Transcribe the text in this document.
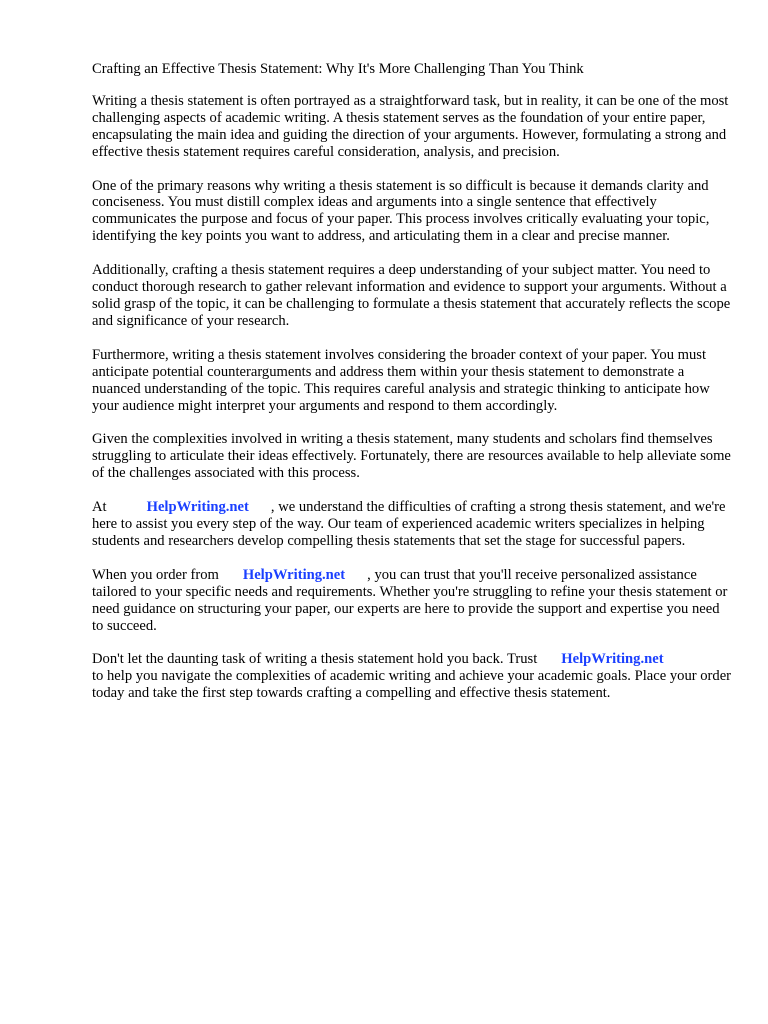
Crafting an Effective Thesis Statement: Why It's More Challenging Than You Think

Writing a thesis statement is often portrayed as a straightforward task, but in reality, it can be one of the most challenging aspects of academic writing. A thesis statement serves as the foundation of your entire paper, encapsulating the main idea and guiding the direction of your arguments. However, formulating a strong and effective thesis statement requires careful consideration, analysis, and precision.

One of the primary reasons why writing a thesis statement is so difficult is because it demands clarity and conciseness. You must distill complex ideas and arguments into a single sentence that effectively communicates the purpose and focus of your paper. This process involves critically evaluating your topic, identifying the key points you want to address, and articulating them in a clear and precise manner.

Additionally, crafting a thesis statement requires a deep understanding of your subject matter. You need to conduct thorough research to gather relevant information and evidence to support your arguments. Without a solid grasp of the topic, it can be challenging to formulate a thesis statement that accurately reflects the scope and significance of your research.

Furthermore, writing a thesis statement involves considering the broader context of your paper. You must anticipate potential counterarguments and address them within your thesis statement to demonstrate a nuanced understanding of the topic. This requires careful analysis and strategic thinking to anticipate how your audience might interpret your arguments and respond to them accordingly.

Given the complexities involved in writing a thesis statement, many students and scholars find themselves struggling to articulate their ideas effectively. Fortunately, there are resources available to help alleviate some of the challenges associated with this process.

At	HelpWriting.net , we understand the difficulties of crafting a strong thesis statement, and we're here to assist you every step of the way. Our team of experienced academic writers specializes in helping students and researchers develop compelling thesis statements that set the stage for successful papers.

When you order from HelpWriting.net , you can trust that you'll receive personalized assistance tailored to your specific needs and requirements. Whether you're struggling to refine your thesis statement or need guidance on structuring your paper, our experts are here to provide the support and expertise you need to succeed.

Don't let the daunting task of writing a thesis statement hold you back. Trust HelpWriting.net
to help you navigate the complexities of academic writing and achieve your academic goals. Place your order today and take the first step towards crafting a compelling and effective thesis statement.
